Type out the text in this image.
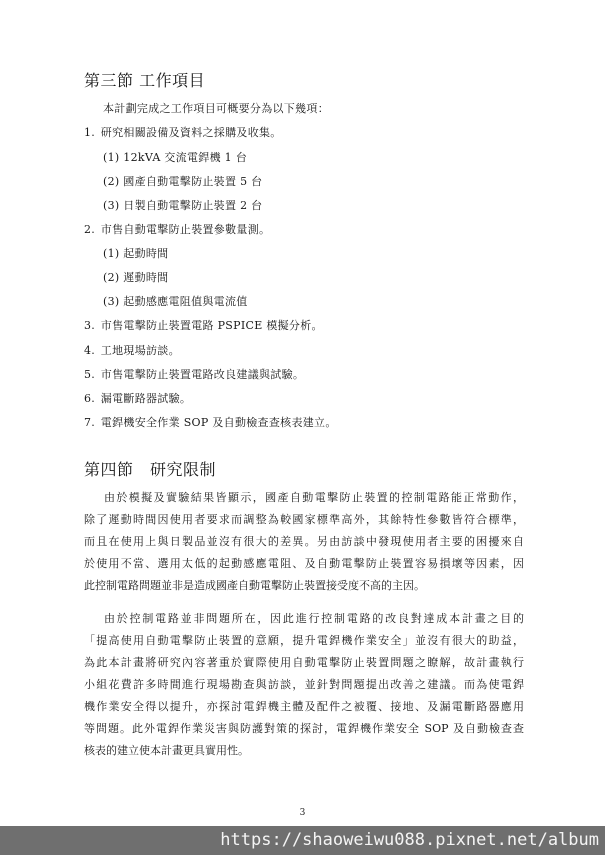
第三節 工作項目
本計劃完成之工作項目可概要分為以下幾項：
1. 研究相關設備及資料之採購及收集。
(1) 12kVA 交流電銲機 1 台
(2) 國產自動電擊防止裝置 5 台
(3) 日製自動電擊防止裝置 2 台
2. 市售自動電擊防止裝置參數量測。
(1) 起動時間
(2) 遲動時間
(3) 起動感應電阻值與電流值
3. 市售電擊防止裝置電路 PSPICE 模擬分析。
4. 工地現場訪談。
5. 市售電擊防止裝置電路改良建議與試驗。
6. 漏電斷路器試驗。
7. 電銲機安全作業 SOP 及自動檢查查核表建立。
第四節　研究限制
由於模擬及實驗結果皆顯示，國產自動電擊防止裝置的控制電路能正常動作，
除了遲動時間因使用者要求而調整為較國家標準高外，其餘特性參數皆符合標準，
而且在使用上與日製品並沒有很大的差異。另由訪談中發現使用者主要的困擾來自
於使用不當、選用太低的起動感應電阻、及自動電擊防止裝置容易損壞等因素，因
此控制電路問題並非是造成國產自動電擊防止裝置接受度不高的主因。
由於控制電路並非問題所在，因此進行控制電路的改良對達成本計畫之目的
「提高使用自動電擊防止裝置的意願，提升電銲機作業安全」並沒有很大的助益，
為此本計畫將研究內容著重於實際使用自動電擊防止裝置問題之瞭解，故計畫執行
小組花費許多時間進行現場勘查與訪談，並針對問題提出改善之建議。而為使電銲
機作業安全得以提升，亦探討電銲機主體及配件之被覆、接地、及漏電斷路器應用
等問題。此外電銲作業災害與防護對策的探討，電銲機作業安全 SOP 及自動檢查查
核表的建立使本計畫更具實用性。
3
https://shaoweiwu088.pixnet.net/album
